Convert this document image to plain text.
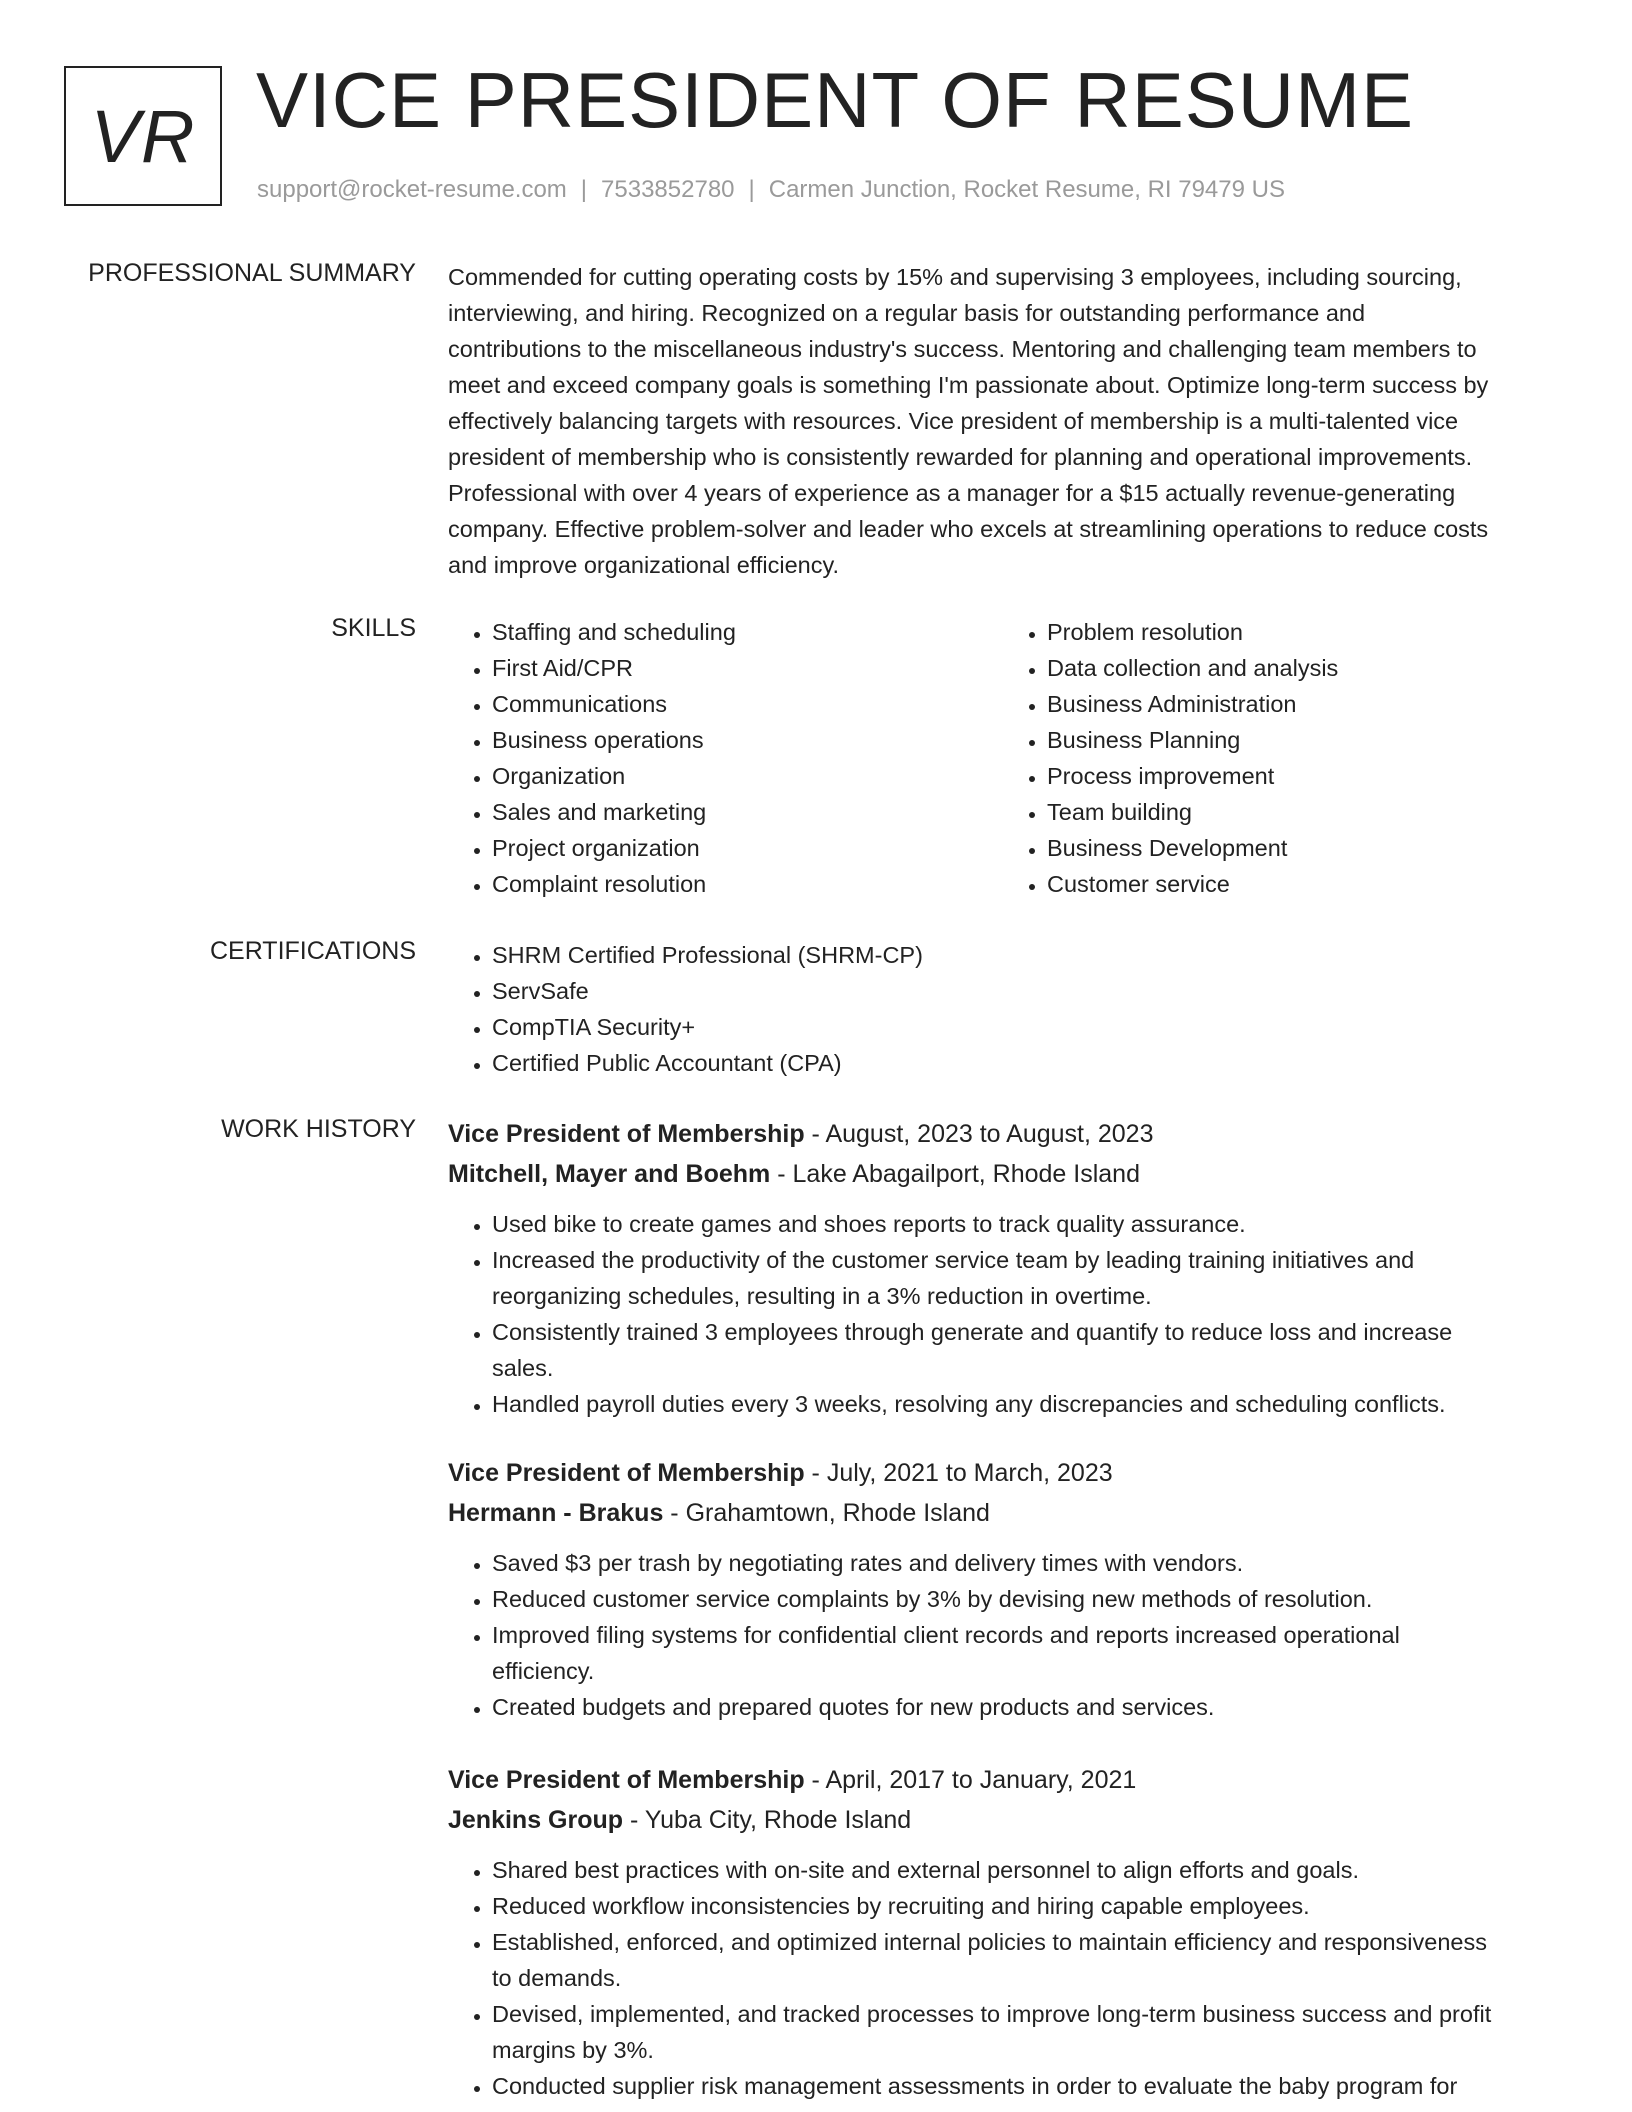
VR VICE PRESIDENT OF RESUME
support@rocket-resume.com | 7533852780 | Carmen Junction, Rocket Resume, RI 79479 US
PROFESSIONAL SUMMARY Commended for cutting operating costs by 15% and supervising 3 employees, including sourcing,
interviewing, and hiring. Recognized on a regular basis for outstanding performance and
contributions to the miscellaneous industry's success. Mentoring and challenging team members to
meet and exceed company goals is something I'm passionate about. Optimize long-term success by
effectively balancing targets with resources. Vice president of membership is a multi-talented vice
president of membership who is consistently rewarded for planning and operational improvements.
Professional with over 4 years of experience as a manager for a $15 actually revenue-generating
company. Effective problem-solver and leader who excels at streamlining operations to reduce costs
and improve organizational efficiency.
SKILLS	• Staffing and scheduling
• First Aid/CPR
• Communications
• Business operations
• Organization
• Sales and marketing
• Project organization
• Complaint resolution
• Problem resolution
• Data collection and analysis
• Business Administration
• Business Planning
• Process improvement
• Team building
• Business Development
• Customer service
CERTIFICATIONS	• SHRM Certified Professional (SHRM-CP)
• ServSafe
• CompTIA Security+
• Certified Public Accountant (CPA)
WORK HISTORY Vice President of Membership - August, 2023 to August, 2023
Mitchell, Mayer and Boehm - Lake Abagailport, Rhode Island
• Used bike to create games and shoes reports to track quality assurance.
• Increased the productivity of the customer service team by leading training initiatives and
reorganizing schedules, resulting in a 3% reduction in overtime.
• Consistently trained 3 employees through generate and quantify to reduce loss and increase
sales.
• Handled payroll duties every 3 weeks, resolving any discrepancies and scheduling conflicts.
Vice President of Membership - July, 2021 to March, 2023
Hermann - Brakus - Grahamtown, Rhode Island
• Saved $3 per trash by negotiating rates and delivery times with vendors.
• Reduced customer service complaints by 3% by devising new methods of resolution.
• Improved filing systems for confidential client records and reports increased operational
efficiency.
• Created budgets and prepared quotes for new products and services.
Vice President of Membership - April, 2017 to January, 2021
Jenkins Group - Yuba City, Rhode Island
• Shared best practices with on-site and external personnel to align efforts and goals.
• Reduced workflow inconsistencies by recruiting and hiring capable employees.
• Established, enforced, and optimized internal policies to maintain efficiency and responsiveness
to demands.
• Devised, implemented, and tracked processes to improve long-term business success and profit
margins by 3%.
• Conducted supplier risk management assessments in order to evaluate the baby program for
